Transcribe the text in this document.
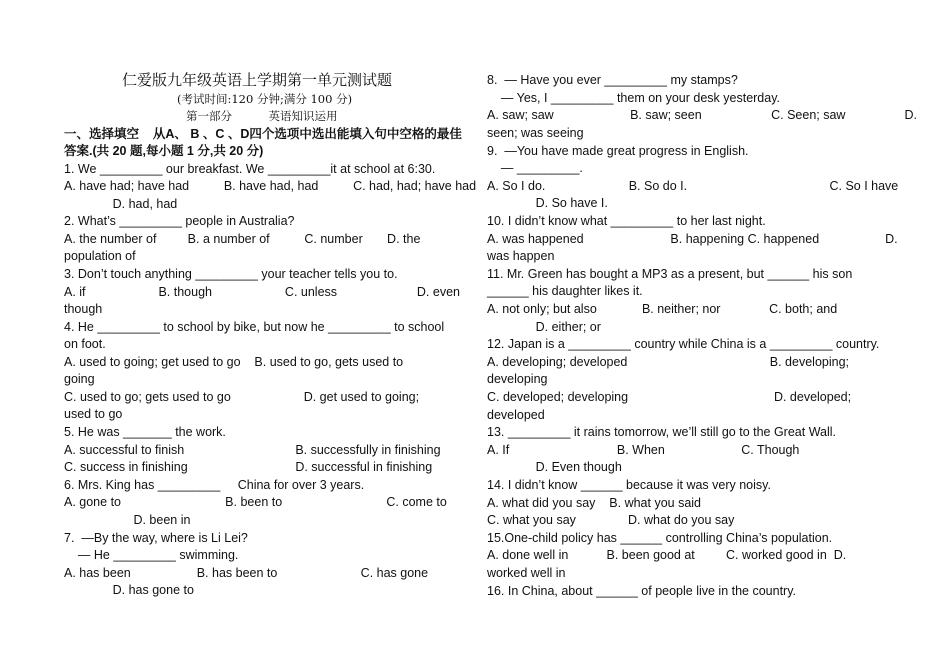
仁爱版九年级英语上学期第一单元测试题
(考试时间:120 分钟;满分 100 分)
第一部分          英语知识运用
一、选择填空    从A、 B 、C 、D四个选项中选出能填入句中空格的最佳
答案.(共 20 题,每小题 1 分,共 20 分)
1. We _________ our breakfast. We _________it at school at 6:30.
A. have had; have had          B. have had, had          C. had, had; have had
D. had, had
2. What’s _________ people in Australia?
A. the number of         B. a number of          C. number       D. the
population of
3. Don’t touch anything _________ your teacher tells you to.
A. if                     B. though                     C. unless                       D. even
though
4. He _________ to school by bike, but now he _________ to school
on foot.
A. used to going; get used to go    B. used to go, gets used to
going
C. used to go; gets used to go                     D. get used to going;
used to go
5. He was _______ the work.
A. successful to finish                                B. successfully in finishing
C. success in finishing                               D. successful in finishing
6. Mrs. King has _________     China for over 3 years.
A. gone to                              B. been to                              C. come to
D. been in
7.  —By the way, where is Li Lei?
— He _________ swimming.
A. has been                   B. has been to                        C. has gone
D. has gone to
8.  — Have you ever _________ my stamps?
— Yes, I _________ them on your desk yesterday.
A. saw; saw                      B. saw; seen                    C. Seen; saw                 D.
seen; was seeing
9.  —You have made great progress in English.
— _________.
A. So I do.                        B. So do I.                                         C. So I have
D. So have I.
10. I didn’t know what _________ to her last night.
A. was happened                         B. happening C. happened                   D.
was happen
11. Mr. Green has bought a MP3 as a present, but ______ his son
______ his daughter likes it.
A. not only; but also             B. neither; nor              C. both; and
D. either; or
12. Japan is a _________ country while China is a _________ country.
A. developing; developed                                         B. developing;
developing
C. developed; developing                                          D. developed;
developed
13. _________ it rains tomorrow, we’ll still go to the Great Wall.
A. If                               B. When                      C. Though
D. Even though
14. I didn’t know ______ because it was very noisy.
A. what did you say    B. what you said
C. what you say               D. what do you say
15.One-child policy has ______ controlling China’s population.
A. done well in           B. been good at         C. worked good in  D.
worked well in
16. In China, about ______ of people live in the country.
